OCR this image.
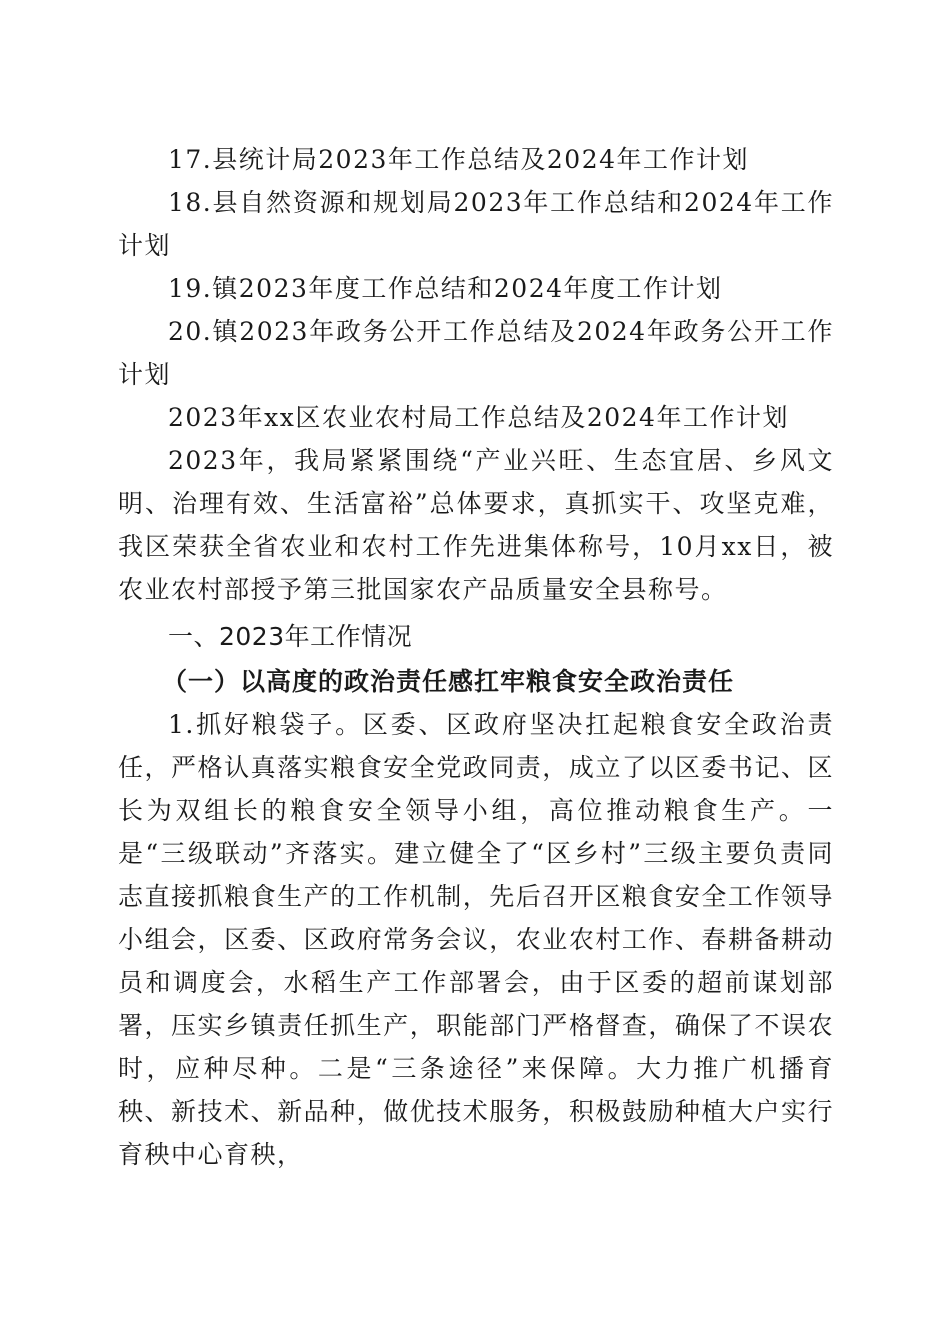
17.县统计局2023年工作总结及2024年工作计划

18.县自然资源和规划局2023年工作总结和2024年工作计划

19.镇2023年度工作总结和2024年度工作计划

20.镇2023年政务公开工作总结及2024年政务公开工作计划

2023年xx区农业农村局工作总结及2024年工作计划

2023年，我局紧紧围绕“产业兴旺、生态宜居、乡风文明、治理有效、生活富裕”总体要求，真抓实干、攻坚克难，我区荣获全省农业和农村工作先进集体称号，10月xx日，被农业农村部授予第三批国家农产品质量安全县称号。

一、2023年工作情况

（一）以高度的政治责任感扛牢粮食安全政治责任

1.抓好粮袋子。区委、区政府坚决扛起粮食安全政治责任，严格认真落实粮食安全党政同责，成立了以区委书记、区长为双组长的粮食安全领导小组，高位推动粮食生产。一是“三级联动”齐落实。建立健全了“区乡村”三级主要负责同志直接抓粮食生产的工作机制，先后召开区粮食安全工作领导小组会，区委、区政府常务会议，农业农村工作、春耕备耕动员和调度会，水稻生产工作部署会，由于区委的超前谋划部署，压实乡镇责任抓生产，职能部门严格督查，确保了不误农时，应种尽种。二是“三条途径”来保障。大力推广机播育秧、新技术、新品种，做优技术服务，积极鼓励种植大户实行育秧中心育秧，
